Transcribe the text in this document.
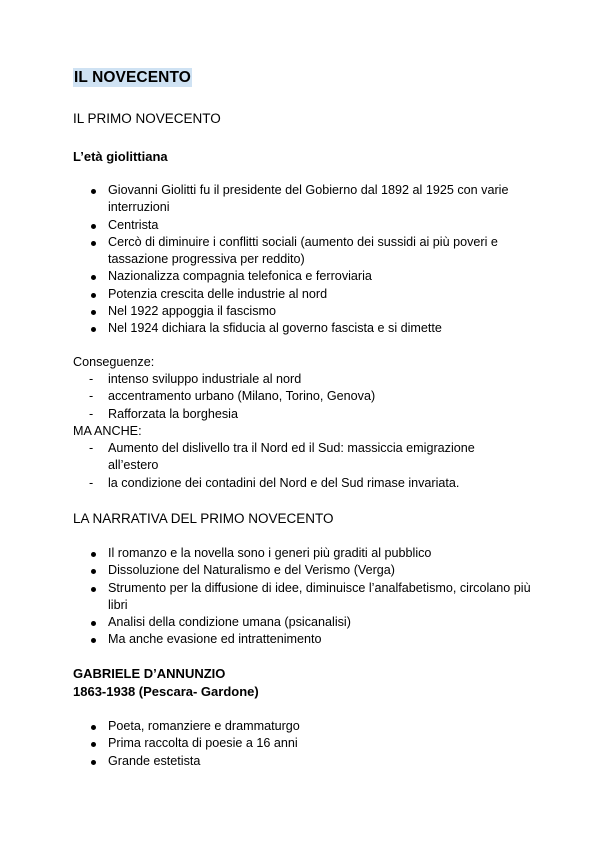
IL NOVECENTO
IL PRIMO NOVECENTO
L’età giolittiana
Giovanni Giolitti fu il presidente del Gobierno dal 1892 al 1925 con varie interruzioni
Centrista
Cercò di diminuire i conflitti sociali (aumento dei sussidi ai più poveri e tassazione progressiva per reddito)
Nazionalizza compagnia telefonica e ferroviaria
Potenzia crescita delle industrie al nord
Nel 1922 appoggia il fascismo
Nel 1924 dichiara la sfiducia al governo fascista e si dimette
Conseguenze:
- intenso sviluppo industriale al nord
- accentramento urbano (Milano, Torino, Genova)
- Rafforzata la borghesia
MA ANCHE:
- Aumento del dislivello tra il Nord ed il Sud: massiccia emigrazione all’estero
- la condizione dei contadini del Nord e del Sud rimase invariata.
LA NARRATIVA DEL PRIMO NOVECENTO
Il romanzo e la novella sono i generi più graditi al pubblico
Dissoluzione del Naturalismo e del Verismo (Verga)
Strumento per la diffusione di idee, diminuisce l’analfabetismo, circolano più libri
Analisi della condizione umana (psicanalisi)
Ma anche evasione ed intrattenimento
GABRIELE D’ANNUNZIO
1863-1938 (Pescara- Gardone)
Poeta, romanziere e drammaturgo
Prima raccolta di poesie a 16 anni
Grande estetista
